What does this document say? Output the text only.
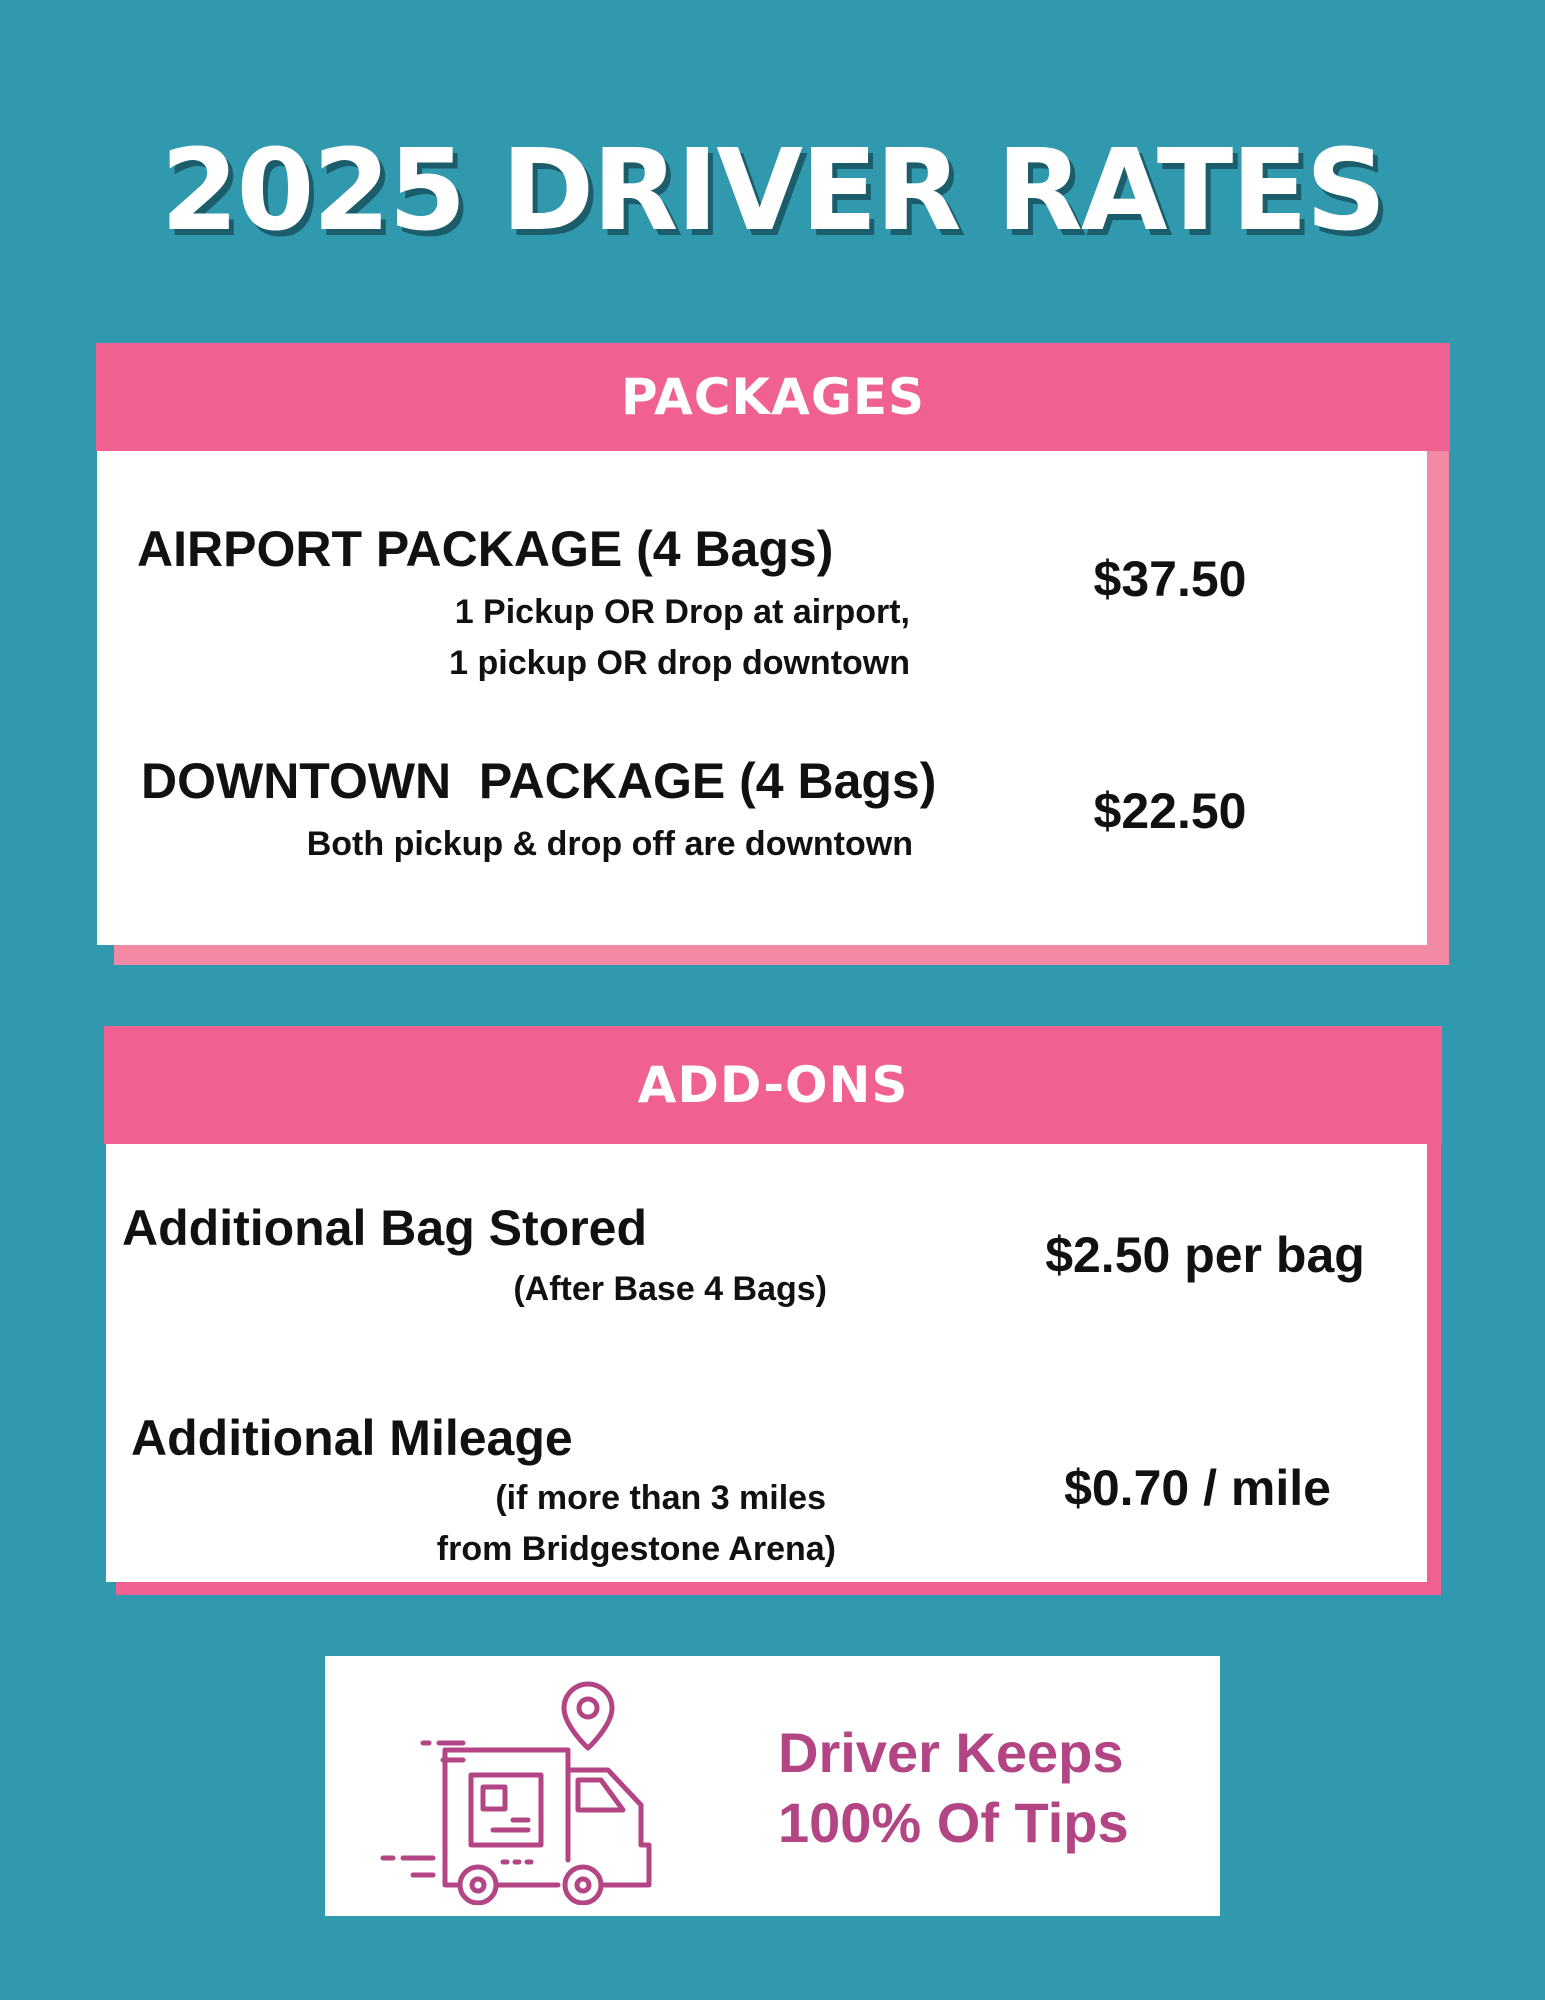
2025 DRIVER RATES
PACKAGES
AIRPORT PACKAGE (4 Bags)
1 Pickup OR Drop at airport,
1 pickup OR drop downtown
$37.50
DOWNTOWN  PACKAGE (4 Bags)
Both pickup & drop off are downtown
$22.50
ADD-ONS
Additional Bag Stored
(After Base 4 Bags)
$2.50 per bag
Additional Mileage
(if more than 3 miles
from Bridgestone Arena)
$0.70 / mile
Driver Keeps
100% Of Tips
